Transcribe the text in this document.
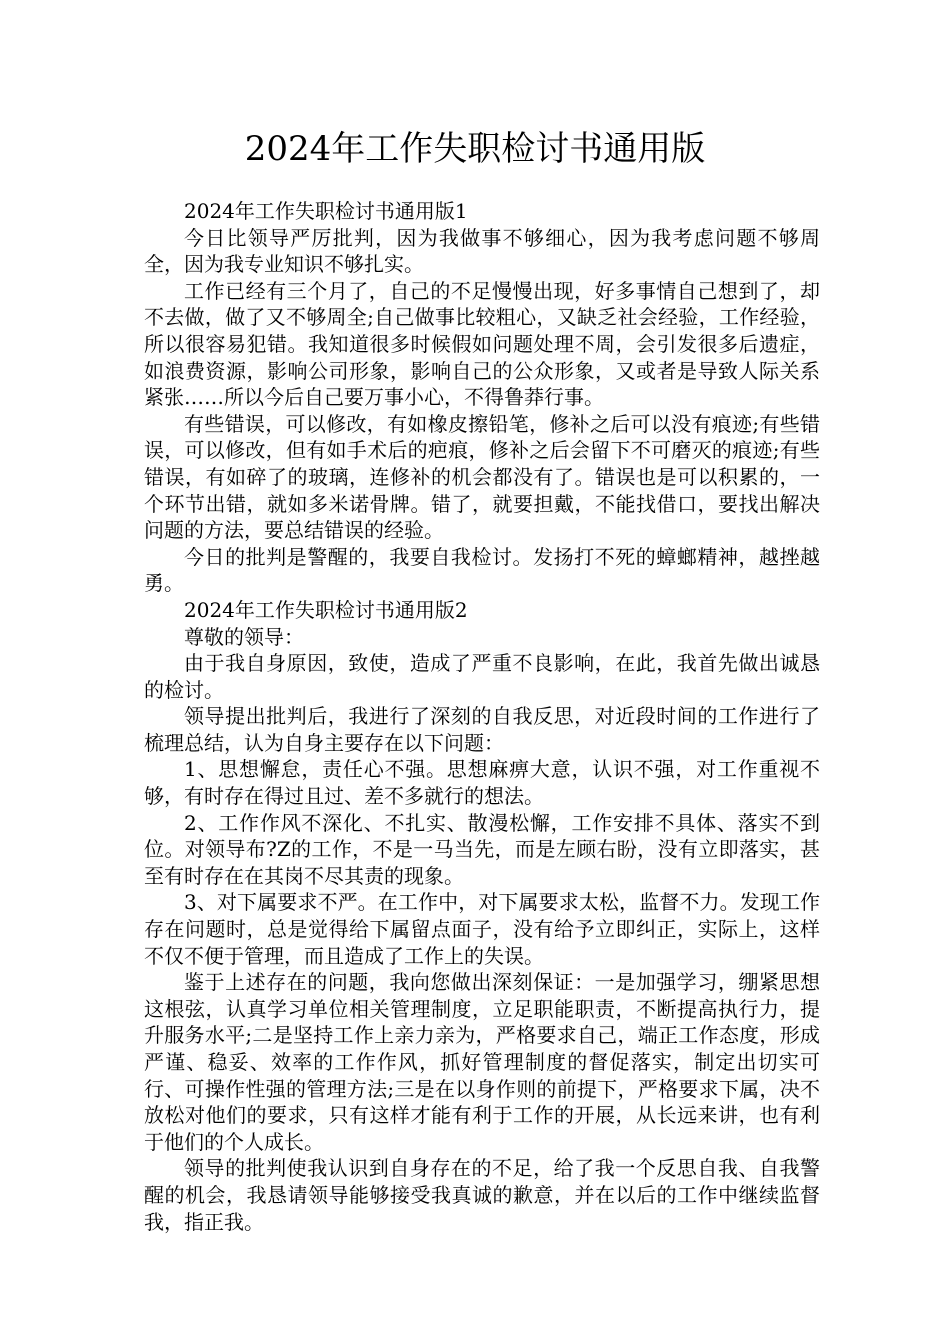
2024年工作失职检讨书通用版

2024年工作失职检讨书通用版1

今日比领导严厉批判，因为我做事不够细心，因为我考虑问题不够周全，因为我专业知识不够扎实。

工作已经有三个月了，自己的不足慢慢出现，好多事情自己想到了，却不去做，做了又不够周全;自己做事比较粗心，又缺乏社会经验，工作经验，所以很容易犯错。我知道很多时候假如问题处理不周，会引发很多后遗症，如浪费资源，影响公司形象，影响自己的公众形象，又或者是导致人际关系紧张……所以今后自己要万事小心，不得鲁莽行事。

有些错误，可以修改，有如橡皮擦铅笔，修补之后可以没有痕迹;有些错误，可以修改，但有如手术后的疤痕，修补之后会留下不可磨灭的痕迹;有些错误，有如碎了的玻璃，连修补的机会都没有了。错误也是可以积累的，一个环节出错，就如多米诺骨牌。错了，就要担戴，不能找借口，要找出解决问题的方法，要总结错误的经验。

今日的批判是警醒的，我要自我检讨。发扬打不死的蟑螂精神，越挫越勇。

2024年工作失职检讨书通用版2

尊敬的领导：

由于我自身原因，致使，造成了严重不良影响，在此，我首先做出诚恳的检讨。

领导提出批判后，我进行了深刻的自我反思，对近段时间的工作进行了梳理总结，认为自身主要存在以下问题：

1、思想懈怠，责任心不强。思想麻痹大意，认识不强，对工作重视不够，有时存在得过且过、差不多就行的想法。

2、工作作风不深化、不扎实、散漫松懈，工作安排不具体、落实不到位。对领导布?Z的工作，不是一马当先，而是左顾右盼，没有立即落实，甚至有时存在在其岗不尽其责的现象。

3、对下属要求不严。在工作中，对下属要求太松，监督不力。发现工作存在问题时，总是觉得给下属留点面子，没有给予立即纠正，实际上，这样不仅不便于管理，而且造成了工作上的失误。

鉴于上述存在的问题，我向您做出深刻保证：一是加强学习，绷紧思想这根弦，认真学习单位相关管理制度，立足职能职责，不断提高执行力，提升服务水平;二是坚持工作上亲力亲为，严格要求自己，端正工作态度，形成严谨、稳妥、效率的工作作风，抓好管理制度的督促落实，制定出切实可行、可操作性强的管理方法;三是在以身作则的前提下，严格要求下属，决不放松对他们的要求，只有这样才能有利于工作的开展，从长远来讲，也有利于他们的个人成长。

领导的批判使我认识到自身存在的不足，给了我一个反思自我、自我警醒的机会，我恳请领导能够接受我真诚的歉意，并在以后的工作中继续监督我，指正我。
